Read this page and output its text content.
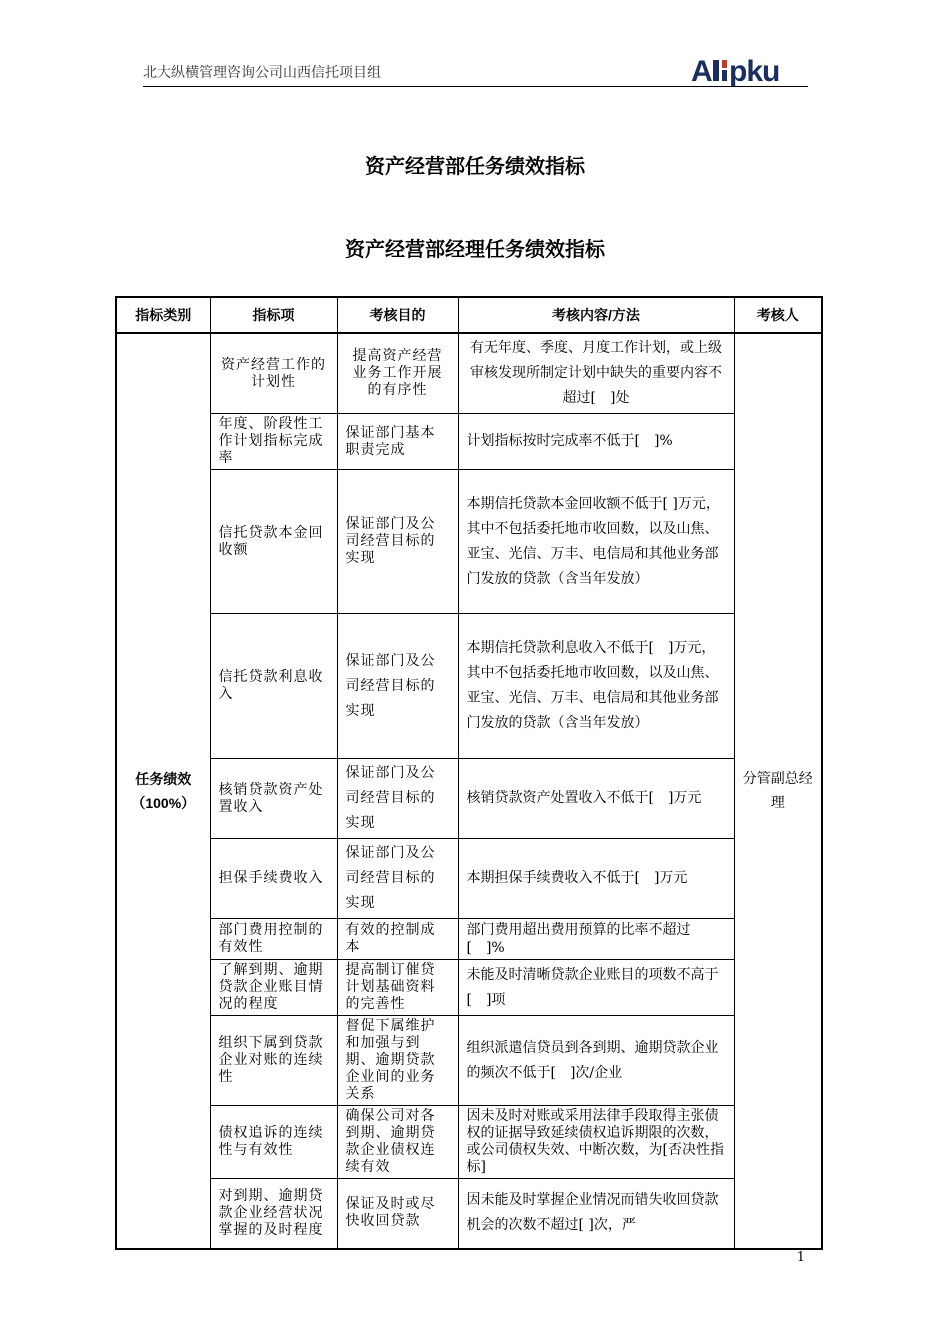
北大纵横管理咨询公司山西信托项目组	A pku
资产经营部任务绩效指标
资产经营部经理任务绩效指标
指标类别	指标项	考核目的	考核内容/方法	考核人

任务绩效
（100%）	资产经营工作的计划性	提高资产经营业务工作开展的有序性	有无年度、季度、月度工作计划，或上级审核发现所制定计划中缺失的重要内容不超过[　]处	分管副总经理
	年度、阶段性工作计划指标完成率	保证部门基本职责完成	计划指标按时完成率不低于[　]%	
	信托贷款本金回收额	保证部门及公司经营目标的实现	本期信托贷款本金回收额不低于[ ]万元，其中不包括委托地市收回数，以及山焦、亚宝、光信、万丰、电信局和其他业务部门发放的贷款（含当年发放）	
	信托贷款利息收入	保证部门及公司经营目标的实现	本期信托贷款利息收入不低于[　]万元，其中不包括委托地市收回数，以及山焦、亚宝、光信、万丰、电信局和其他业务部门发放的贷款（含当年发放）	
	核销贷款资产处置收入	保证部门及公司经营目标的实现	核销贷款资产处置收入不低于[　]万元	
	担保手续费收入	保证部门及公司经营目标的实现	本期担保手续费收入不低于[　]万元	
	部门费用控制的有效性	有效的控制成本	部门费用超出费用预算的比率不超过[　]%	
	了解到期、逾期贷款企业账目情况的程度	提高制订催贷计划基础资料的完善性	未能及时清晰贷款企业账目的项数不高于[　]项	
	组织下属到贷款企业对账的连续性	督促下属维护和加强与到期、逾期贷款企业间的业务关系	组织派遣信贷员到各到期、逾期贷款企业的频次不低于[　]次/企业	
	债权追诉的连续性与有效性	确保公司对各到期、逾期贷款企业债权连续有效	因未及时对账或采用法律手段取得主张债权的证据导致延续债权追诉期限的次数，或公司债权失效、中断次数，为[否决性指标]	
	对到期、逾期贷款企业经营状况掌握的及时程度	保证及时或尽快收回贷款	因未能及时掌握企业情况而错失收回贷款机会的次数不超过[ ]次，严	
1
